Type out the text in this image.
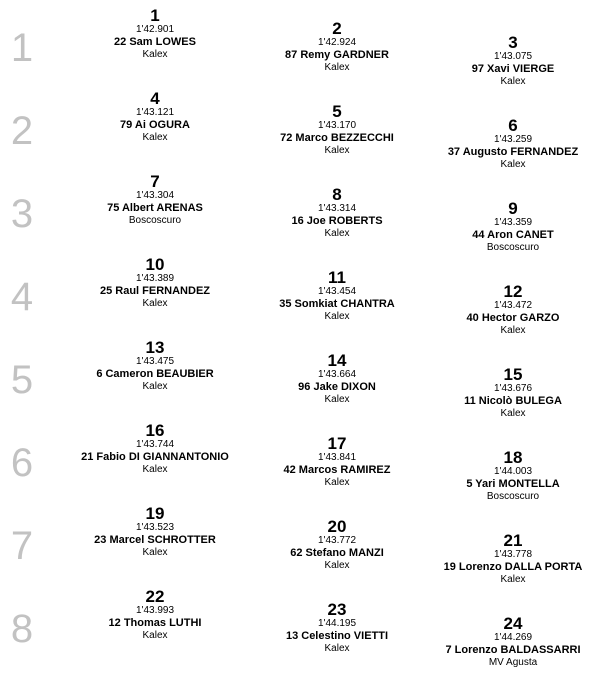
1
2
3
4
5
6
7
8
1
1'42.901
22 Sam LOWES
Kalex
2
1'42.924
87 Remy GARDNER
Kalex
3
1'43.075
97 Xavi VIERGE
Kalex
4
1'43.121
79 Ai OGURA
Kalex
5
1'43.170
72 Marco BEZZECCHI
Kalex
6
1'43.259
37 Augusto FERNANDEZ
Kalex
7
1'43.304
75 Albert ARENAS
Boscoscuro
8
1'43.314
16 Joe ROBERTS
Kalex
9
1'43.359
44 Aron CANET
Boscoscuro
10
1'43.389
25 Raul FERNANDEZ
Kalex
11
1'43.454
35 Somkiat CHANTRA
Kalex
12
1'43.472
40 Hector GARZO
Kalex
13
1'43.475
6 Cameron BEAUBIER
Kalex
14
1'43.664
96 Jake DIXON
Kalex
15
1'43.676
11 Nicolò BULEGA
Kalex
16
1'43.744
21 Fabio DI GIANNANTONIO
Kalex
17
1'43.841
42 Marcos RAMIREZ
Kalex
18
1'44.003
5 Yari MONTELLA
Boscoscuro
19
1'43.523
23 Marcel SCHROTTER
Kalex
20
1'43.772
62 Stefano MANZI
Kalex
21
1'43.778
19 Lorenzo DALLA PORTA
Kalex
22
1'43.993
12 Thomas LUTHI
Kalex
23
1'44.195
13 Celestino VIETTI
Kalex
24
1'44.269
7 Lorenzo BALDASSARRI
MV Agusta
